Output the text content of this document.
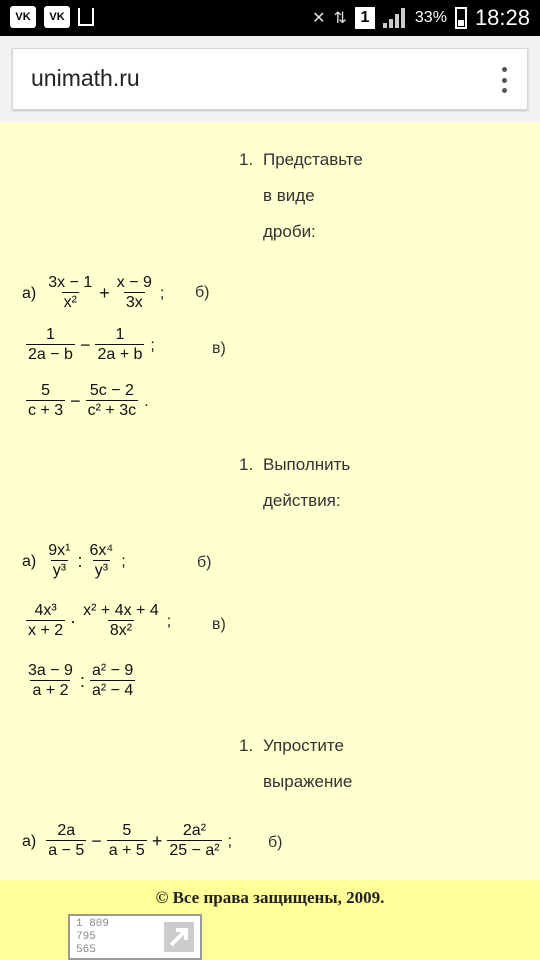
VK	VK	✕ ⇅ 1	33% 18:28
unimath.ru
1. Представьте
в виде
дроби:
$а) \frac{3x - 1}{\text{x²}} + \frac{x - 9}{3x}$ ; б)
$\frac{1}{2a - b} - \frac{1}{2a + b}$ ;	в)
$\frac{5}{c + 3} - \frac{5c - 2}{\text{c² + 3c}}$ .
1. Выполнить
действия:
$а) \frac{\text{9x¹}}{\text{y³}}$ : $\frac{\text{6x⁴}}{\text{y³}}$ ;	б)
$\frac{\text{4x³}}{x + 2} \cdot \frac{\text{x² + 4x + 4}}{\text{8x²}}$ ;	в)
$\frac{3a - 9}{a + 2}$ : $\frac{\text{a² − 9}}{\text{a² − 4}}$
1. Упростите
выражение
$а) \frac{2a}{a - 5} - \frac{5}{a + 5} + \frac{\text{2a²}}{\text{25 − a²}}$ ; б)
© Все права защищены, 2009.
1 809
795
565
